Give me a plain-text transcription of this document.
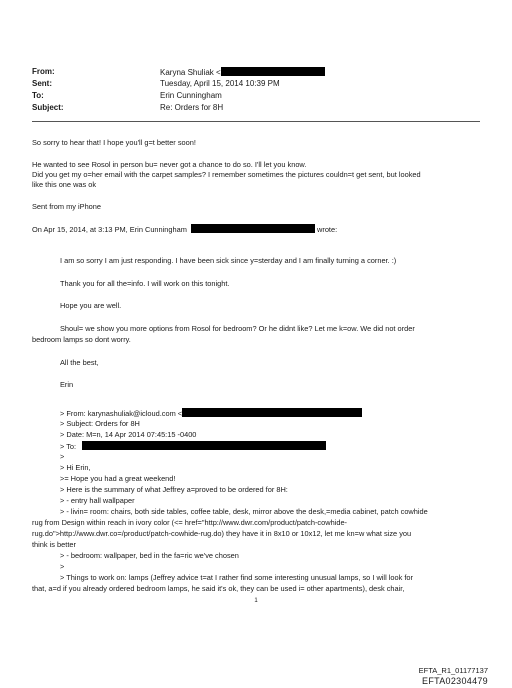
From:	Karyna Shuliak <
Sent:	Tuesday, April 15, 2014 10:39 PM
To:	Erin Cunningham
Subject:	Re: Orders for 8H
So sorry to hear that! I hope you'll g=t better soon!
He wanted to see Rosol in person bu= never got a chance to do so. I'll let you know.
Did you get my o=her email with the carpet samples? I remember sometimes the pictures couldn=t get sent, but looked
like this one was ok
Sent from my iPhone
On Apr 15, 2014, at 3:13 PM, Erin Cunningham	wrote:
I am so sorry I am just responding. I have been sick since y=sterday and I am finally turning a corner. :)
Thank you for all the=info. I will work on this tonight.
Hope you are well.
Shoul= we show you more options from Rosol for bedroom? Or he didnt like? Let me k=ow. We did not order
bedroom lamps so dont worry.
All the best,
Erin
> From: karynashuliak@icloud.com <
> Subject: Orders for 8H
> Date: M=n, 14 Apr 2014 07:45:15 -0400
> To:
>
> Hi Erin,
>= Hope you had a great weekend!
> Here is the summary of what Jeffrey a=proved to be ordered for 8H:
> - entry hall wallpaper
> - livin= room: chairs, both side tables, coffee table, desk, mirror above the desk,=media cabinet, patch cowhide
rug from Design within reach in ivory color (<= href="http://www.dwr.com/product/patch-cowhide-
rug.do">http://www.dwr.co=/product/patch-cowhide-rug.do) they have it in 8x10 or 10x12, let me kn=w what size you
think is better
> - bedroom: wallpaper, bed in the fa=ric we've chosen
>
> Things to work on: lamps (Jeffrey advice t=at I rather find some interesting unusual lamps, so I will look for
that, a=d if you already ordered bedroom lamps, he said it's ok, they can be used i= other apartments), desk chair,
1
EFTA_R1_01177137
EFTA02304479
